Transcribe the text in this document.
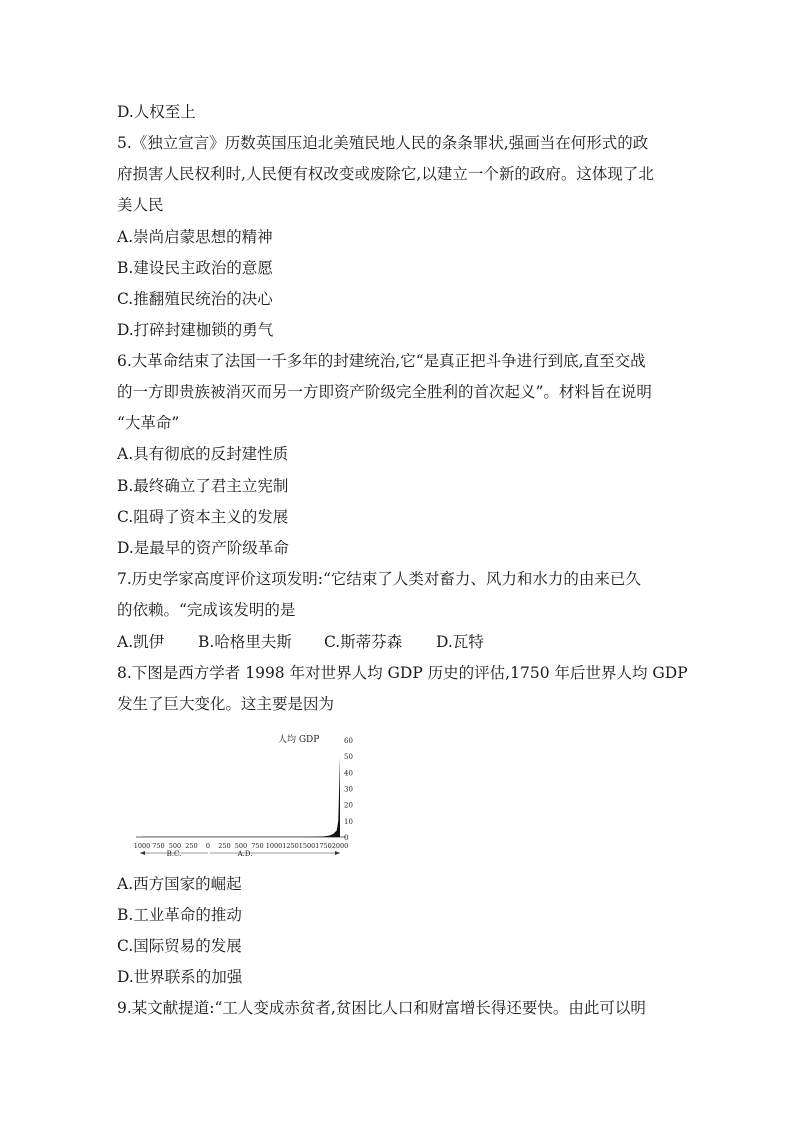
D.人权至上
5.《独立宣言》历数英国压迫北美殖民地人民的条条罪状,强画当在何形式的政
府损害人民权利时,人民便有权改变或废除它,以建立一个新的政府。这体现了北
美人民
A.崇尚启蒙思想的精神
B.建设民主政治的意愿
C.推翻殖民统治的决心
D.打碎封建枷锁的勇气
6.大革命结束了法国一千多年的封建统治,它“是真正把斗争进行到底,直至交战
的一方即贵族被消灭而另一方即资产阶级完全胜利的首次起义”。材料旨在说明
“大革命”
A.具有彻底的反封建性质
B.最终确立了君主立宪制
C.阻碍了资本主义的发展
D.是最早的资产阶级革命
7.历史学家高度评价这项发明:“它结束了人类对畜力、风力和水力的由来已久
的依赖。“完成该发明的是
A.凯伊 B.哈格里夫斯 C.斯蒂芬森 D.瓦特
8.下图是西方学者 1998 年对世界人均 GDP 历史的评估,1750 年后世界人均 GDP
发生了巨大变化。这主要是因为
人均 GDP	60
50
40
30
20
10
0
1000 750 500 250 0 250 500 750 1000 1250 1500 1750 2000
B.C.	A.D.
A.西方国家的崛起
B.工业革命的推动
C.国际贸易的发展
D.世界联系的加强
9.某文献提道:“工人变成赤贫者,贫困比人口和财富增长得还要快。由此可以明
